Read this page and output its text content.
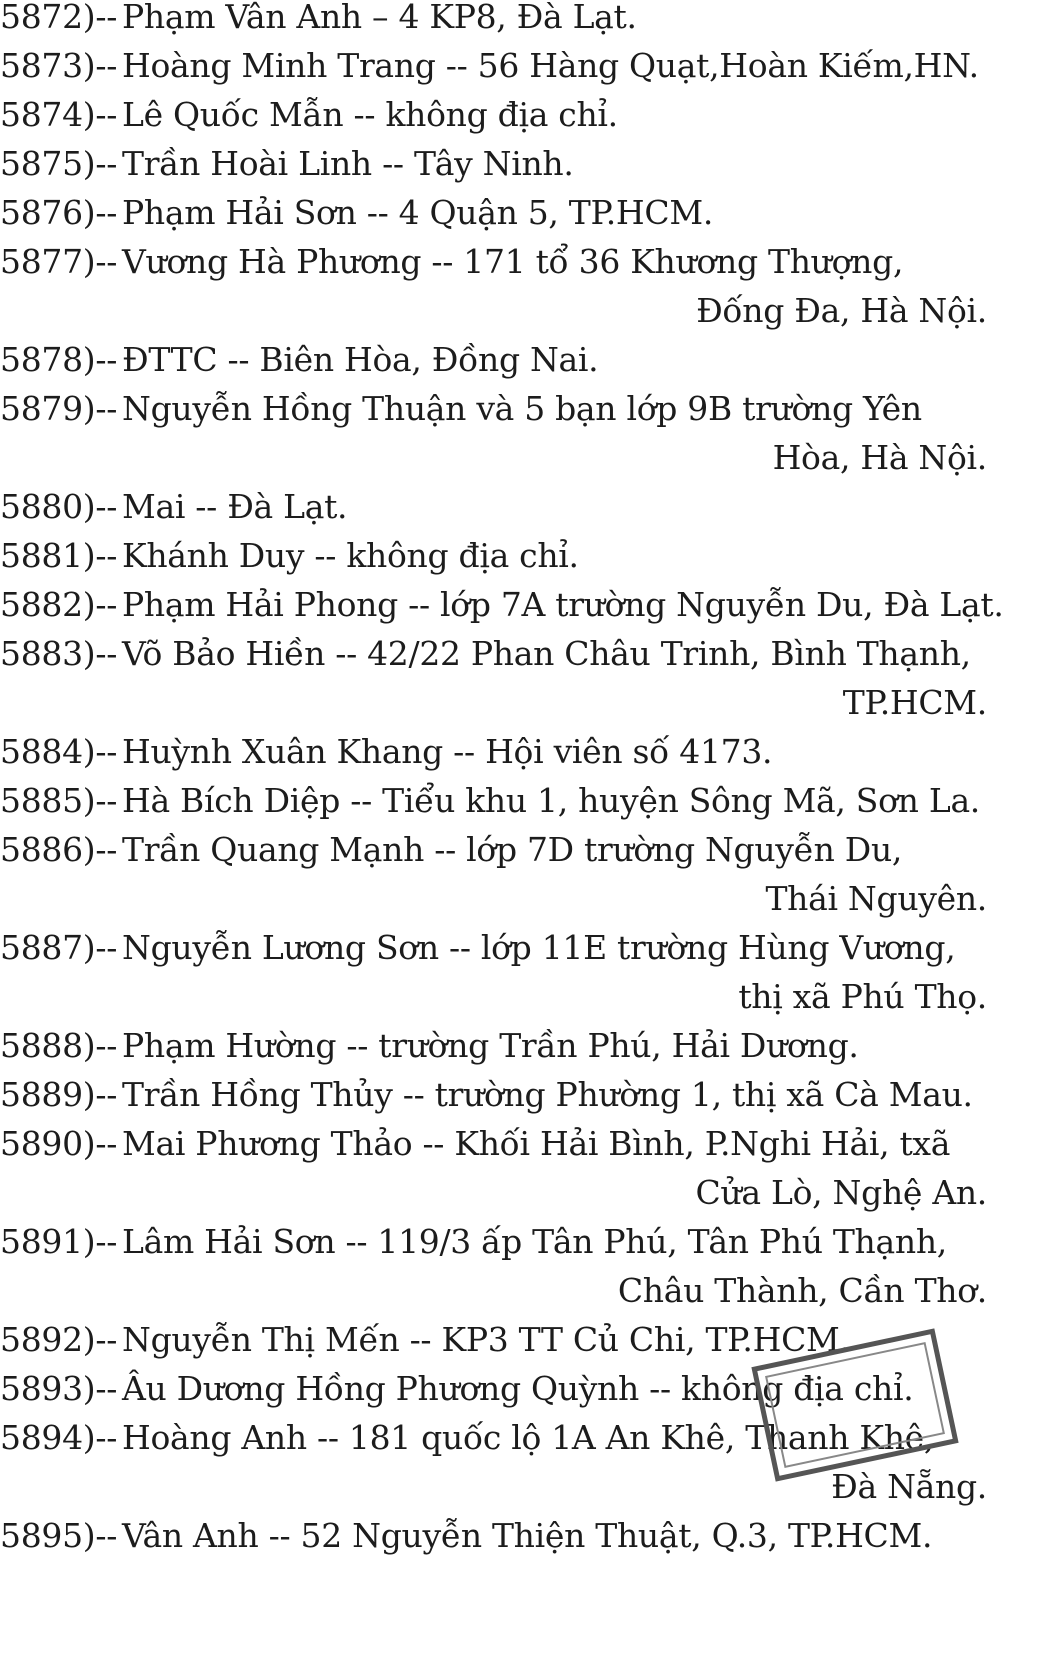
5872)-- Phạm Vân Anh – 4 KP8, Đà Lạt.
5873)-- Hoàng Minh Trang -- 56 Hàng Quạt,Hoàn Kiếm,HN.
5874)-- Lê Quốc Mẫn -- không địa chỉ.
5875)-- Trần Hoài Linh -- Tây Ninh.
5876)-- Phạm Hải Sơn -- 4 Quận 5, TP.HCM.
5877)-- Vương Hà Phương -- 171 tổ 36 Khương Thượng,
Đống Đa, Hà Nội.
5878)-- ĐTTC -- Biên Hòa, Đồng Nai.
5879)-- Nguyễn Hồng Thuận và 5 bạn lớp 9B trường Yên
Hòa, Hà Nội.
5880)-- Mai -- Đà Lạt.
5881)-- Khánh Duy -- không địa chỉ.
5882)-- Phạm Hải Phong -- lớp 7A trường Nguyễn Du, Đà Lạt.
5883)-- Võ Bảo Hiền -- 42/22 Phan Châu Trinh, Bình Thạnh,
TP.HCM.
5884)-- Huỳnh Xuân Khang -- Hội viên số 4173.
5885)-- Hà Bích Diệp -- Tiểu khu 1, huyện Sông Mã, Sơn La.
5886)-- Trần Quang Mạnh -- lớp 7D trường Nguyễn Du,
Thái Nguyên.
5887)-- Nguyễn Lương Sơn -- lớp 11E trường Hùng Vương,
thị xã Phú Thọ.
5888)-- Phạm Hường -- trường Trần Phú, Hải Dương.
5889)-- Trần Hồng Thủy -- trường Phường 1, thị xã Cà Mau.
5890)-- Mai Phương Thảo -- Khối Hải Bình, P.Nghi Hải, txã
Cửa Lò, Nghệ An.
5891)-- Lâm Hải Sơn -- 119/3 ấp Tân Phú, Tân Phú Thạnh,
Châu Thành, Cần Thơ.
5892)-- Nguyễn Thị Mến -- KP3 TT Củ Chi, TP.HCM.
5893)-- Âu Dương Hồng Phương Quỳnh -- không địa chỉ.
5894)-- Hoàng Anh -- 181 quốc lộ 1A An Khê, Thanh Khê,
Đà Nẵng.
5895)-- Vân Anh -- 52 Nguyễn Thiện Thuật, Q.3, TP.HCM.
